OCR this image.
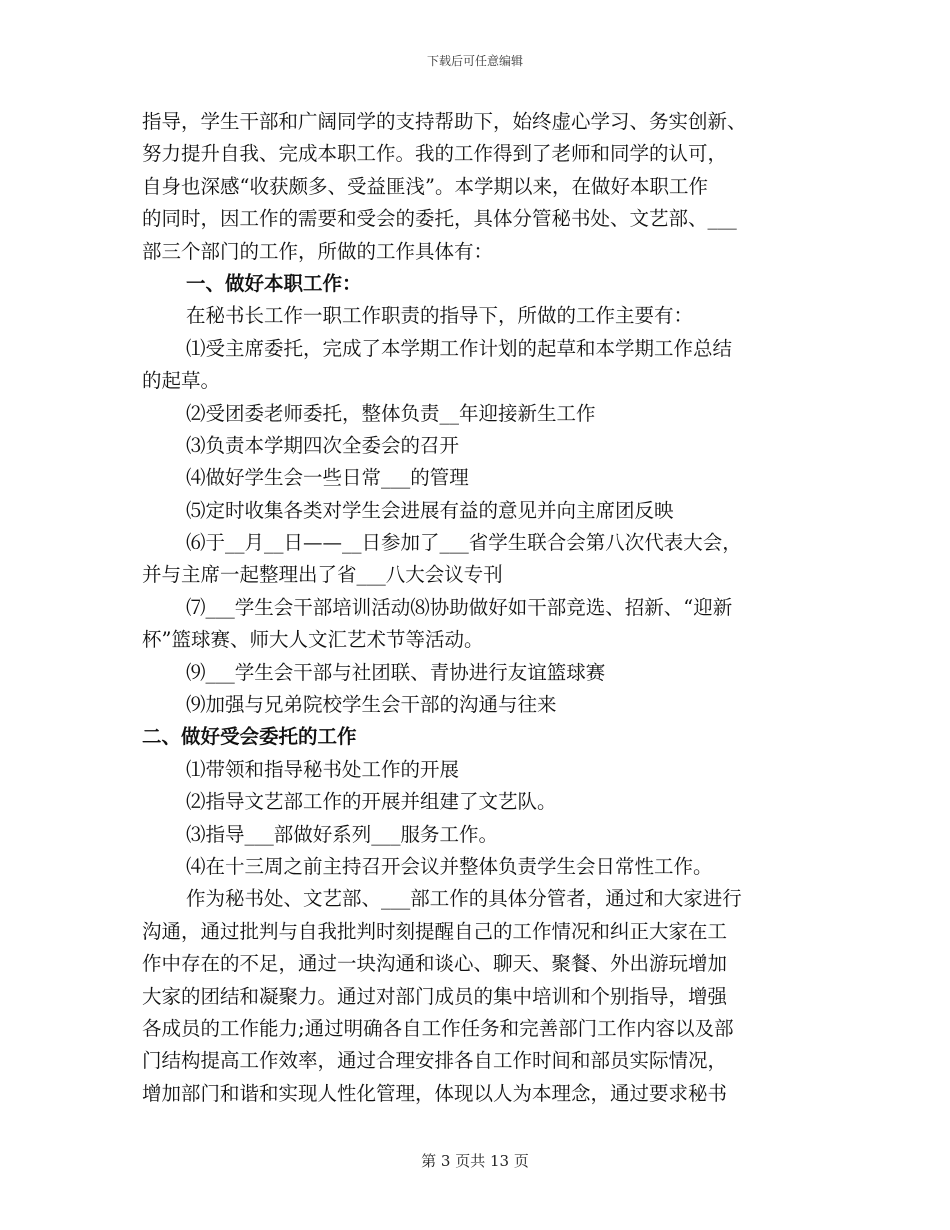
下载后可任意编辑
指导，学生干部和广阔同学的支持帮助下，始终虚心学习、务实创新、
努力提升自我、完成本职工作。我的工作得到了老师和同学的认可，
自身也深感“收获颇多、受益匪浅”。本学期以来，在做好本职工作
的同时，因工作的需要和受会的委托，具体分管秘书处、文艺部、___
部三个部门的工作，所做的工作具体有：
一、做好本职工作：
在秘书长工作一职工作职责的指导下，所做的工作主要有：
⑴受主席委托，完成了本学期工作计划的起草和本学期工作总结
的起草。
⑵受团委老师委托，整体负责__年迎接新生工作
⑶负责本学期四次全委会的召开
⑷做好学生会一些日常___的管理
⑸定时收集各类对学生会进展有益的意见并向主席团反映
⑹于__月__日——__日参加了___省学生联合会第八次代表大会，
并与主席一起整理出了省___八大会议专刊
⑺___学生会干部培训活动⑻协助做好如干部竞选、招新、“迎新
杯”篮球赛、师大人文汇艺术节等活动。
⑼___学生会干部与社团联、青协进行友谊篮球赛
⑼加强与兄弟院校学生会干部的沟通与往来
二、做好受会委托的工作
⑴带领和指导秘书处工作的开展
⑵指导文艺部工作的开展并组建了文艺队。
⑶指导___部做好系列___服务工作。
⑷在十三周之前主持召开会议并整体负责学生会日常性工作。
作为秘书处、文艺部、___部工作的具体分管者，通过和大家进行
沟通，通过批判与自我批判时刻提醒自己的工作情况和纠正大家在工
作中存在的不足，通过一块沟通和谈心、聊天、聚餐、外出游玩增加
大家的团结和凝聚力。通过对部门成员的集中培训和个别指导，增强
各成员的工作能力;通过明确各自工作任务和完善部门工作内容以及部
门结构提高工作效率，通过合理安排各自工作时间和部员实际情况，
增加部门和谐和实现人性化管理，体现以人为本理念，通过要求秘书
第 3 页共 13 页
